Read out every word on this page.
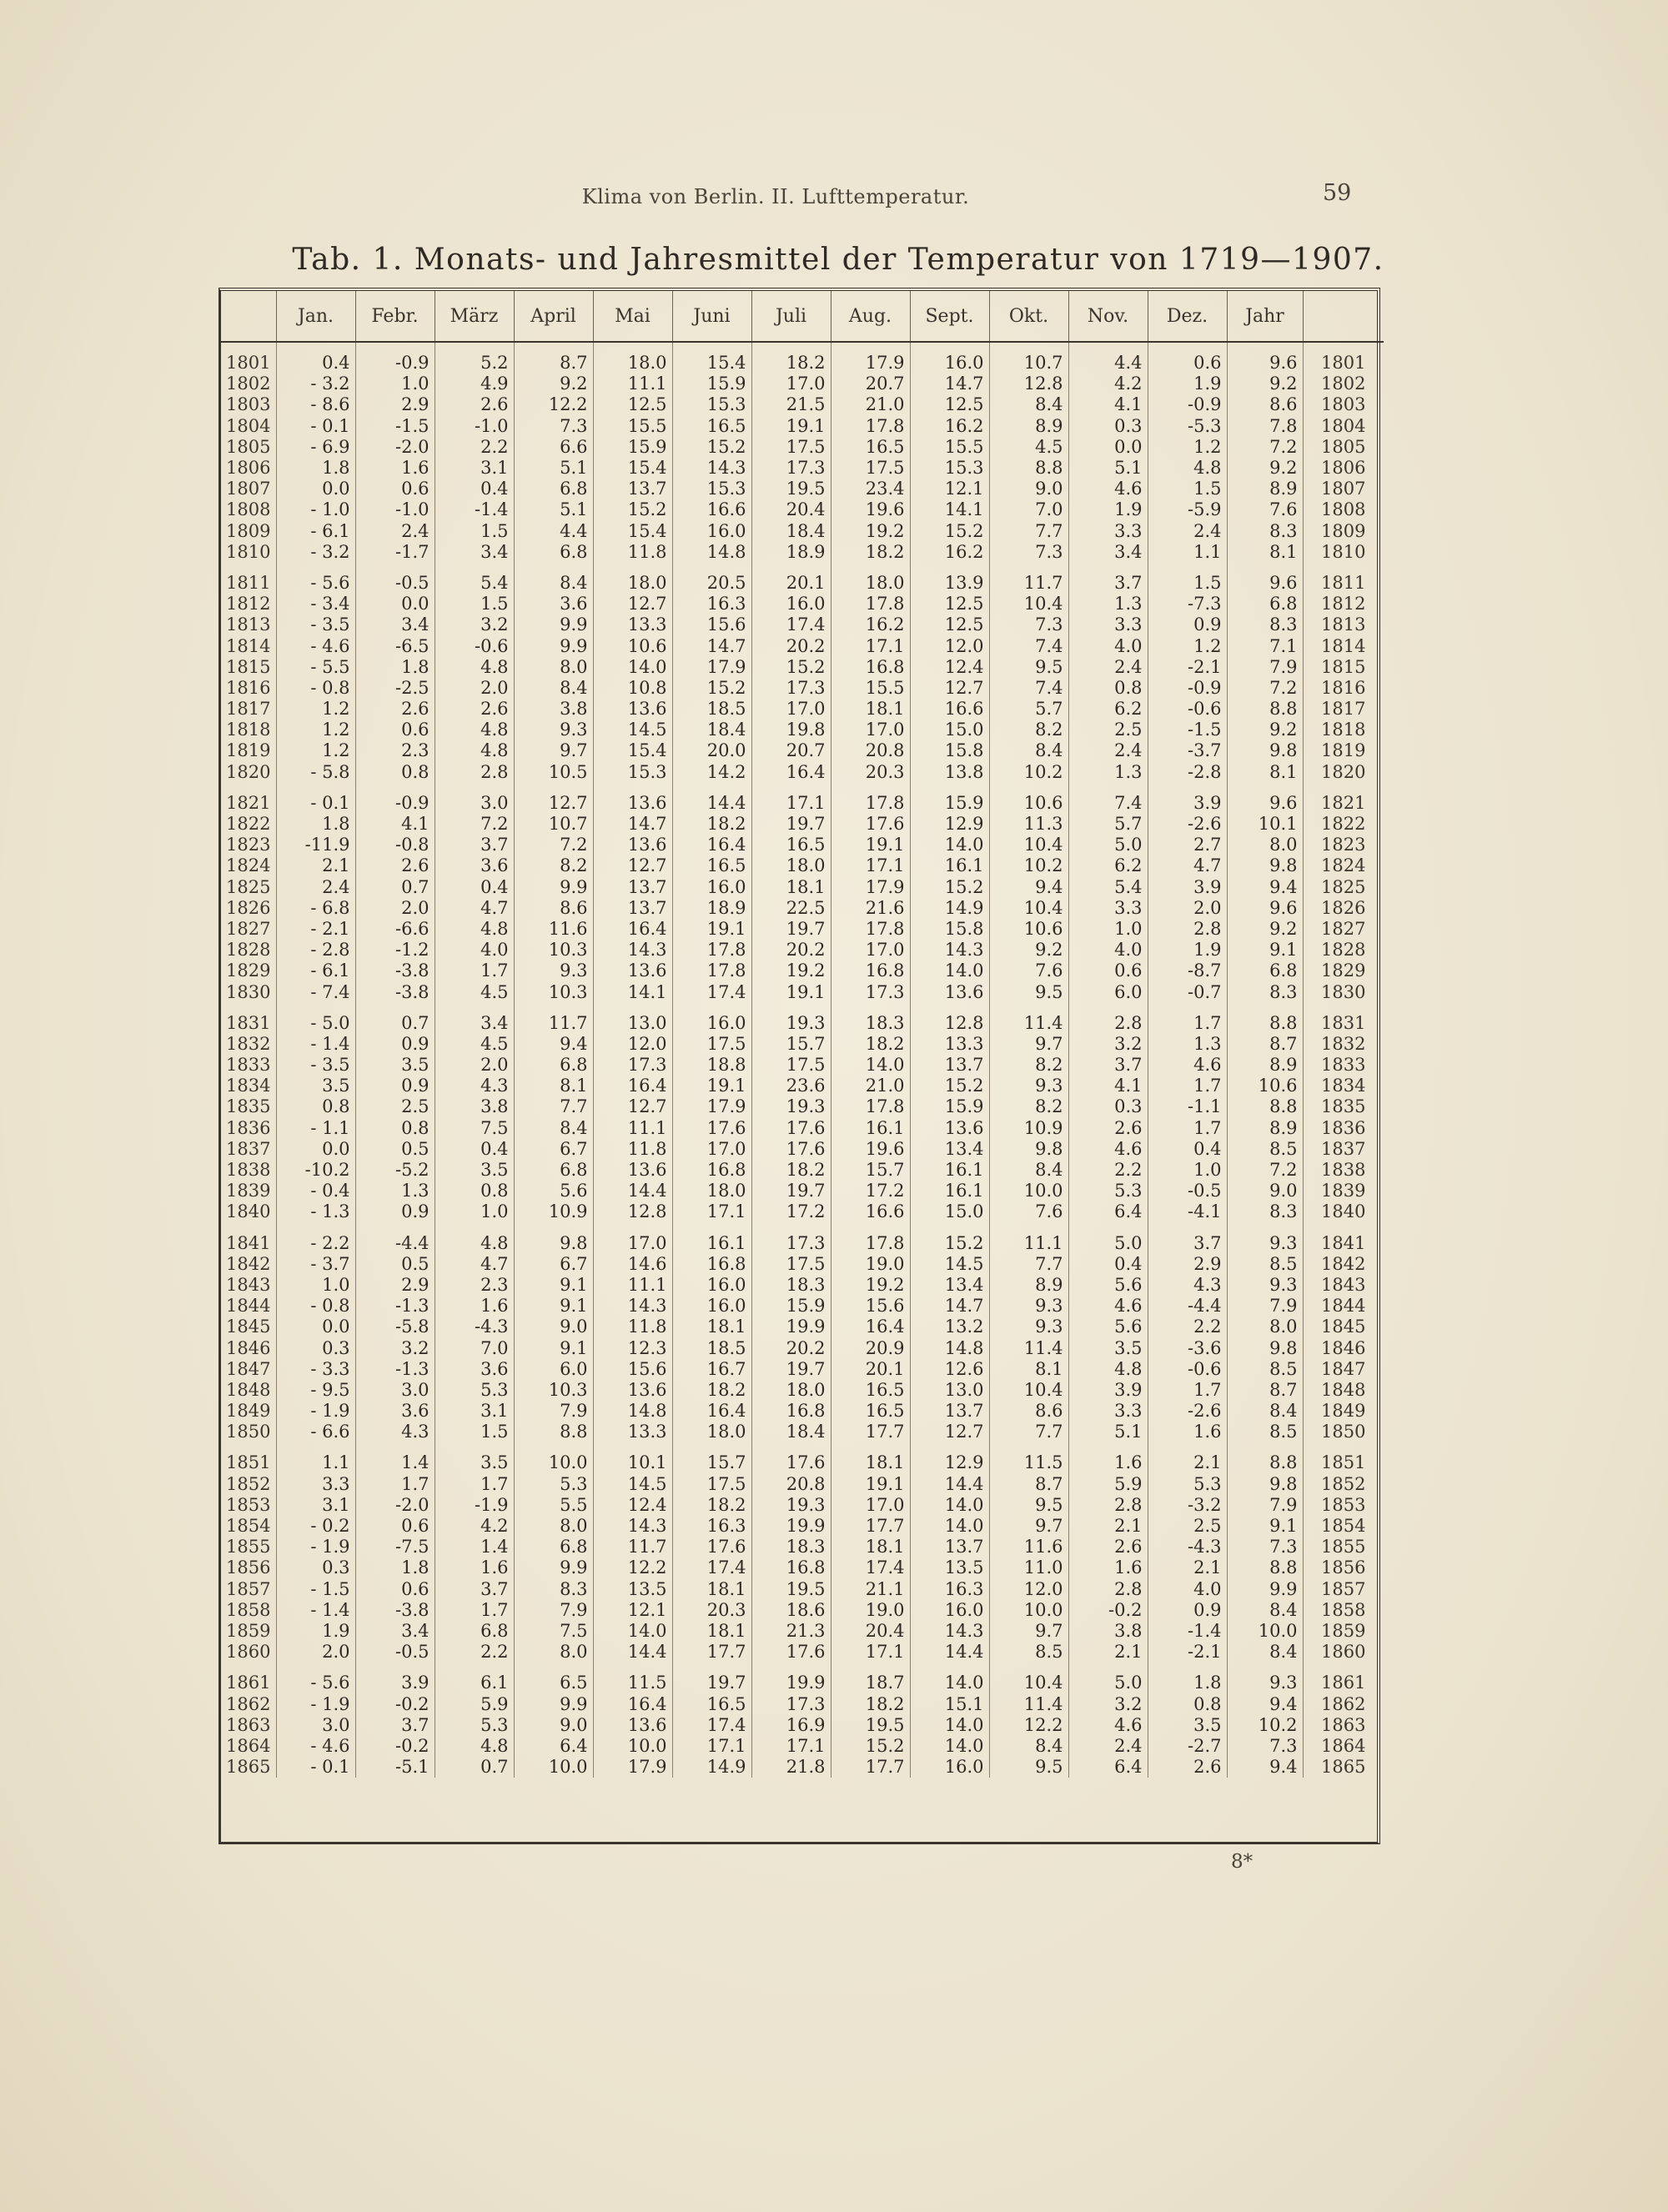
Klima von Berlin. II. Lufttemperatur.	59
Tab. 1. Monats- und Jahresmittel der Temperatur von 1719—1907.
	Jan.	Febr.	März	April	Mai	Juni	Juli	Aug.	Sept.	Okt.	Nov.	Dez.	Jahr	
1801	0.4	-0.9	5.2	8.7	18.0	15.4	18.2	17.9	16.0	10.7	4.4	0.6	9.6	1801
1802	- 3.2	1.0	4.9	9.2	11.1	15.9	17.0	20.7	14.7	12.8	4.2	1.9	9.2	1802
1803	- 8.6	2.9	2.6	12.2	12.5	15.3	21.5	21.0	12.5	8.4	4.1	-0.9	8.6	1803
1804	- 0.1	-1.5	-1.0	7.3	15.5	16.5	19.1	17.8	16.2	8.9	0.3	-5.3	7.8	1804
1805	- 6.9	-2.0	2.2	6.6	15.9	15.2	17.5	16.5	15.5	4.5	0.0	1.2	7.2	1805
1806	1.8	1.6	3.1	5.1	15.4	14.3	17.3	17.5	15.3	8.8	5.1	4.8	9.2	1806
1807	0.0	0.6	0.4	6.8	13.7	15.3	19.5	23.4	12.1	9.0	4.6	1.5	8.9	1807
1808	- 1.0	-1.0	-1.4	5.1	15.2	16.6	20.4	19.6	14.1	7.0	1.9	-5.9	7.6	1808
1809	- 6.1	2.4	1.5	4.4	15.4	16.0	18.4	19.2	15.2	7.7	3.3	2.4	8.3	1809
1810	- 3.2	-1.7	3.4	6.8	11.8	14.8	18.9	18.2	16.2	7.3	3.4	1.1	8.1	1810
1811	- 5.6	-0.5	5.4	8.4	18.0	20.5	20.1	18.0	13.9	11.7	3.7	1.5	9.6	1811
1812	- 3.4	0.0	1.5	3.6	12.7	16.3	16.0	17.8	12.5	10.4	1.3	-7.3	6.8	1812
1813	- 3.5	3.4	3.2	9.9	13.3	15.6	17.4	16.2	12.5	7.3	3.3	0.9	8.3	1813
1814	- 4.6	-6.5	-0.6	9.9	10.6	14.7	20.2	17.1	12.0	7.4	4.0	1.2	7.1	1814
1815	- 5.5	1.8	4.8	8.0	14.0	17.9	15.2	16.8	12.4	9.5	2.4	-2.1	7.9	1815
1816	- 0.8	-2.5	2.0	8.4	10.8	15.2	17.3	15.5	12.7	7.4	0.8	-0.9	7.2	1816
1817	1.2	2.6	2.6	3.8	13.6	18.5	17.0	18.1	16.6	5.7	6.2	-0.6	8.8	1817
1818	1.2	0.6	4.8	9.3	14.5	18.4	19.8	17.0	15.0	8.2	2.5	-1.5	9.2	1818
1819	1.2	2.3	4.8	9.7	15.4	20.0	20.7	20.8	15.8	8.4	2.4	-3.7	9.8	1819
1820	- 5.8	0.8	2.8	10.5	15.3	14.2	16.4	20.3	13.8	10.2	1.3	-2.8	8.1	1820
1821	- 0.1	-0.9	3.0	12.7	13.6	14.4	17.1	17.8	15.9	10.6	7.4	3.9	9.6	1821
1822	1.8	4.1	7.2	10.7	14.7	18.2	19.7	17.6	12.9	11.3	5.7	-2.6	10.1	1822
1823	-11.9	-0.8	3.7	7.2	13.6	16.4	16.5	19.1	14.0	10.4	5.0	2.7	8.0	1823
1824	2.1	2.6	3.6	8.2	12.7	16.5	18.0	17.1	16.1	10.2	6.2	4.7	9.8	1824
1825	2.4	0.7	0.4	9.9	13.7	16.0	18.1	17.9	15.2	9.4	5.4	3.9	9.4	1825
1826	- 6.8	2.0	4.7	8.6	13.7	18.9	22.5	21.6	14.9	10.4	3.3	2.0	9.6	1826
1827	- 2.1	-6.6	4.8	11.6	16.4	19.1	19.7	17.8	15.8	10.6	1.0	2.8	9.2	1827
1828	- 2.8	-1.2	4.0	10.3	14.3	17.8	20.2	17.0	14.3	9.2	4.0	1.9	9.1	1828
1829	- 6.1	-3.8	1.7	9.3	13.6	17.8	19.2	16.8	14.0	7.6	0.6	-8.7	6.8	1829
1830	- 7.4	-3.8	4.5	10.3	14.1	17.4	19.1	17.3	13.6	9.5	6.0	-0.7	8.3	1830
1831	- 5.0	0.7	3.4	11.7	13.0	16.0	19.3	18.3	12.8	11.4	2.8	1.7	8.8	1831
1832	- 1.4	0.9	4.5	9.4	12.0	17.5	15.7	18.2	13.3	9.7	3.2	1.3	8.7	1832
1833	- 3.5	3.5	2.0	6.8	17.3	18.8	17.5	14.0	13.7	8.2	3.7	4.6	8.9	1833
1834	3.5	0.9	4.3	8.1	16.4	19.1	23.6	21.0	15.2	9.3	4.1	1.7	10.6	1834
1835	0.8	2.5	3.8	7.7	12.7	17.9	19.3	17.8	15.9	8.2	0.3	-1.1	8.8	1835
1836	- 1.1	0.8	7.5	8.4	11.1	17.6	17.6	16.1	13.6	10.9	2.6	1.7	8.9	1836
1837	0.0	0.5	0.4	6.7	11.8	17.0	17.6	19.6	13.4	9.8	4.6	0.4	8.5	1837
1838	-10.2	-5.2	3.5	6.8	13.6	16.8	18.2	15.7	16.1	8.4	2.2	1.0	7.2	1838
1839	- 0.4	1.3	0.8	5.6	14.4	18.0	19.7	17.2	16.1	10.0	5.3	-0.5	9.0	1839
1840	- 1.3	0.9	1.0	10.9	12.8	17.1	17.2	16.6	15.0	7.6	6.4	-4.1	8.3	1840
1841	- 2.2	-4.4	4.8	9.8	17.0	16.1	17.3	17.8	15.2	11.1	5.0	3.7	9.3	1841
1842	- 3.7	0.5	4.7	6.7	14.6	16.8	17.5	19.0	14.5	7.7	0.4	2.9	8.5	1842
1843	1.0	2.9	2.3	9.1	11.1	16.0	18.3	19.2	13.4	8.9	5.6	4.3	9.3	1843
1844	- 0.8	-1.3	1.6	9.1	14.3	16.0	15.9	15.6	14.7	9.3	4.6	-4.4	7.9	1844
1845	0.0	-5.8	-4.3	9.0	11.8	18.1	19.9	16.4	13.2	9.3	5.6	2.2	8.0	1845
1846	0.3	3.2	7.0	9.1	12.3	18.5	20.2	20.9	14.8	11.4	3.5	-3.6	9.8	1846
1847	- 3.3	-1.3	3.6	6.0	15.6	16.7	19.7	20.1	12.6	8.1	4.8	-0.6	8.5	1847
1848	- 9.5	3.0	5.3	10.3	13.6	18.2	18.0	16.5	13.0	10.4	3.9	1.7	8.7	1848
1849	- 1.9	3.6	3.1	7.9	14.8	16.4	16.8	16.5	13.7	8.6	3.3	-2.6	8.4	1849
1850	- 6.6	4.3	1.5	8.8	13.3	18.0	18.4	17.7	12.7	7.7	5.1	1.6	8.5	1850
1851	1.1	1.4	3.5	10.0	10.1	15.7	17.6	18.1	12.9	11.5	1.6	2.1	8.8	1851
1852	3.3	1.7	1.7	5.3	14.5	17.5	20.8	19.1	14.4	8.7	5.9	5.3	9.8	1852
1853	3.1	-2.0	-1.9	5.5	12.4	18.2	19.3	17.0	14.0	9.5	2.8	-3.2	7.9	1853
1854	- 0.2	0.6	4.2	8.0	14.3	16.3	19.9	17.7	14.0	9.7	2.1	2.5	9.1	1854
1855	- 1.9	-7.5	1.4	6.8	11.7	17.6	18.3	18.1	13.7	11.6	2.6	-4.3	7.3	1855
1856	0.3	1.8	1.6	9.9	12.2	17.4	16.8	17.4	13.5	11.0	1.6	2.1	8.8	1856
1857	- 1.5	0.6	3.7	8.3	13.5	18.1	19.5	21.1	16.3	12.0	2.8	4.0	9.9	1857
1858	- 1.4	-3.8	1.7	7.9	12.1	20.3	18.6	19.0	16.0	10.0	-0.2	0.9	8.4	1858
1859	1.9	3.4	6.8	7.5	14.0	18.1	21.3	20.4	14.3	9.7	3.8	-1.4	10.0	1859
1860	2.0	-0.5	2.2	8.0	14.4	17.7	17.6	17.1	14.4	8.5	2.1	-2.1	8.4	1860
1861	- 5.6	3.9	6.1	6.5	11.5	19.7	19.9	18.7	14.0	10.4	5.0	1.8	9.3	1861
1862	- 1.9	-0.2	5.9	9.9	16.4	16.5	17.3	18.2	15.1	11.4	3.2	0.8	9.4	1862
1863	3.0	3.7	5.3	9.0	13.6	17.4	16.9	19.5	14.0	12.2	4.6	3.5	10.2	1863
1864	- 4.6	-0.2	4.8	6.4	10.0	17.1	17.1	15.2	14.0	8.4	2.4	-2.7	7.3	1864
1865	- 0.1	-5.1	0.7	10.0	17.9	14.9	21.8	17.7	16.0	9.5	6.4	2.6	9.4	1865
8*
